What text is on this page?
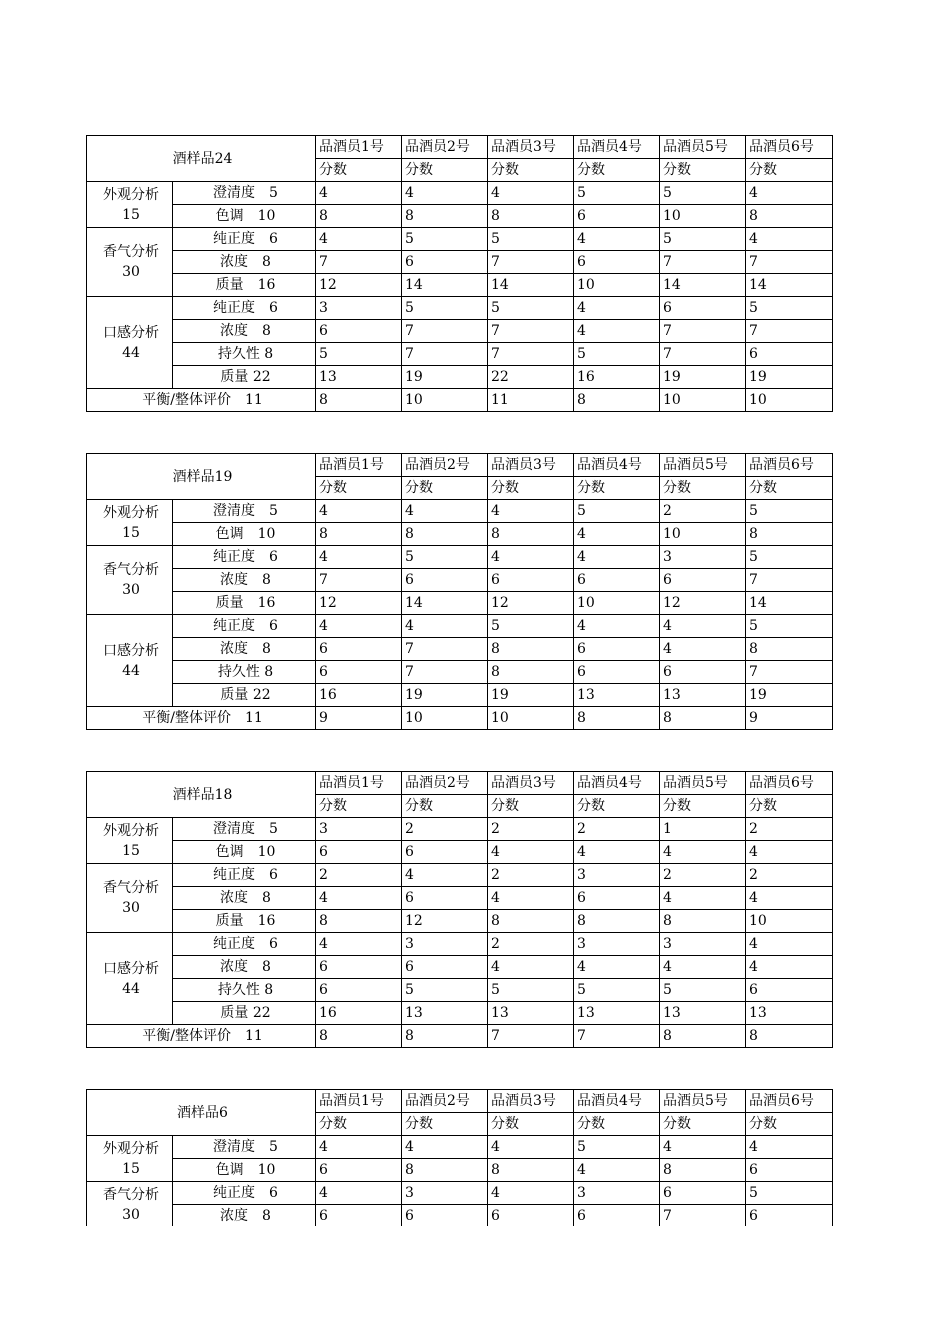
酒样品24		品酒员1号	品酒员2号	品酒员3号	品酒员4号	品酒员5号	品酒员6号
		分数	分数	分数	分数	分数	分数
外观分析
15	澄清度　5	4	4	4	5	5	4
	色调　10	8	8	8	6	10	8
香气分析
30	纯正度　6	4	5	5	4	5	4
	浓度　8	7	6	7	6	7	7
	质量　16	12	14	14	10	14	14
口感分析
44	纯正度　6	3	5	5	4	6	5
	浓度　8	6	7	7	4	7	7
	持久性 8	5	7	7	5	7	6
	质量 22	13	19	22	16	19	19
平衡/整体评价　11		8	10	11	8	10	10
酒样品19		品酒员1号	品酒员2号	品酒员3号	品酒员4号	品酒员5号	品酒员6号
		分数	分数	分数	分数	分数	分数
外观分析
15	澄清度　5	4	4	4	5	2	5
	色调　10	8	8	8	4	10	8
香气分析
30	纯正度　6	4	5	4	4	3	5
	浓度　8	7	6	6	6	6	7
	质量　16	12	14	12	10	12	14
口感分析
44	纯正度　6	4	4	5	4	4	5
	浓度　8	6	7	8	6	4	8
	持久性 8	6	7	8	6	6	7
	质量 22	16	19	19	13	13	19
平衡/整体评价　11		9	10	10	8	8	9
酒样品18		品酒员1号	品酒员2号	品酒员3号	品酒员4号	品酒员5号	品酒员6号
		分数	分数	分数	分数	分数	分数
外观分析
15	澄清度　5	3	2	2	2	1	2
	色调　10	6	6	4	4	4	4
香气分析
30	纯正度　6	2	4	2	3	2	2
	浓度　8	4	6	4	6	4	4
	质量　16	8	12	8	8	8	10
口感分析
44	纯正度　6	4	3	2	3	3	4
	浓度　8	6	6	4	4	4	4
	持久性 8	6	5	5	5	5	6
	质量 22	16	13	13	13	13	13
平衡/整体评价　11		8	8	7	7	8	8
酒样品6		品酒员1号	品酒员2号	品酒员3号	品酒员4号	品酒员5号	品酒员6号
		分数	分数	分数	分数	分数	分数
外观分析
15	澄清度　5	4	4	4	5	4	4
	色调　10	6	8	8	4	8	6
香气分析
30	纯正度　6	4	3	4	3	6	5
	浓度　8	6	6	6	6	7	6
